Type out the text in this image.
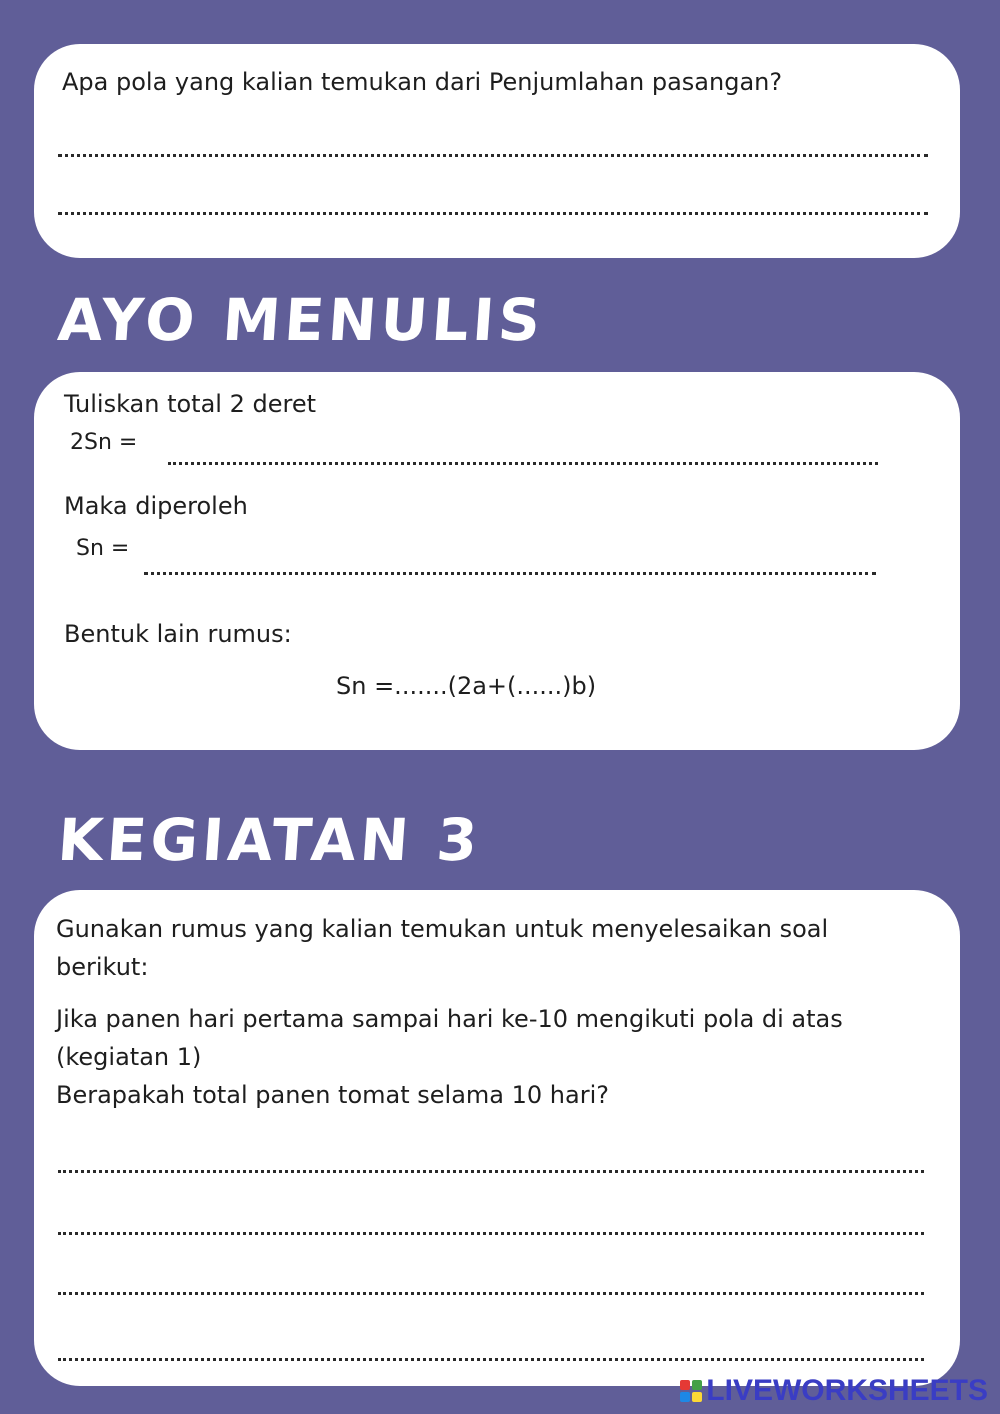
Apa pola yang kalian temukan dari Penjumlahan pasangan?
AYO MENULIS
Tuliskan total 2 deret
2Sn =
Maka diperoleh
Sn =
Bentuk lain rumus:
Sn =.......(2a+(......)b)
KEGIATAN 3
Gunakan rumus yang kalian temukan untuk menyelesaikan soal berikut:
Jika panen hari pertama sampai hari ke-10 mengikuti pola di atas (kegiatan 1)
Berapakah total panen tomat selama 10 hari?
LIVEWORKSHEETS
